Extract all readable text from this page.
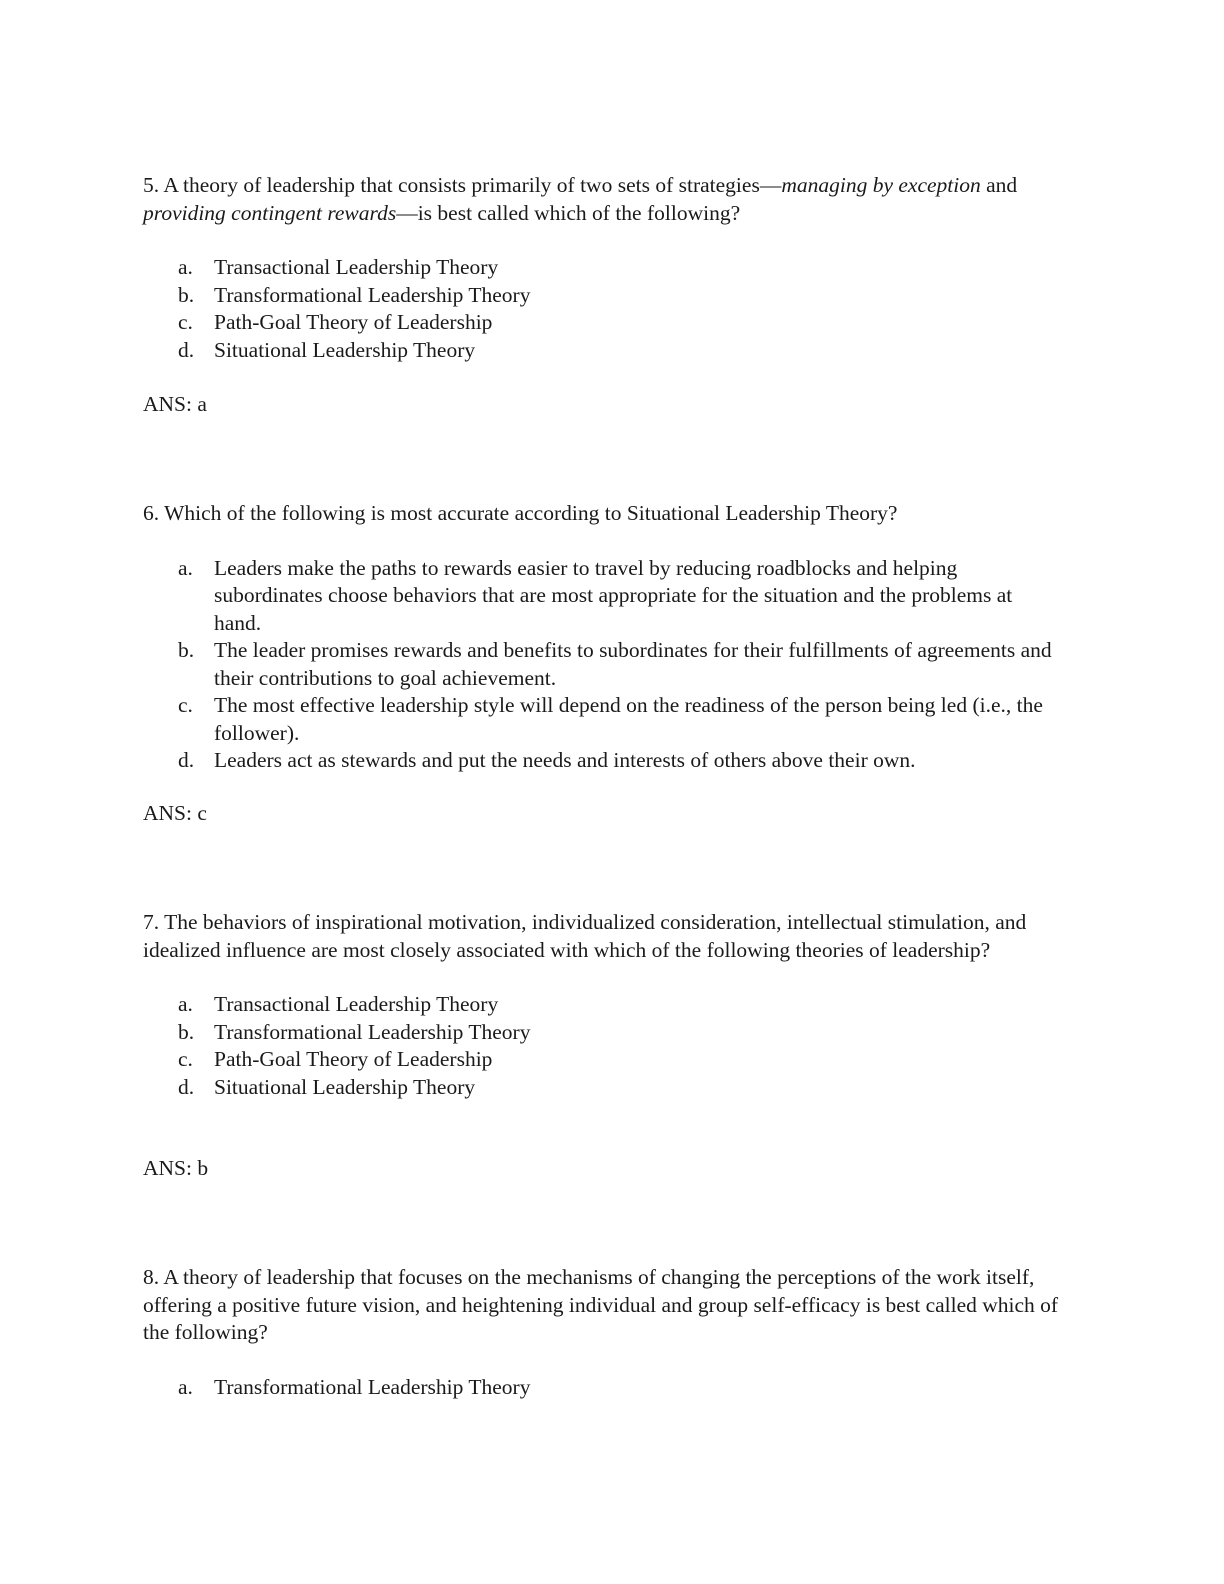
5. A theory of leadership that consists primarily of two sets of strategies—managing by exception and providing contingent rewards—is best called which of the following?

a. Transactional Leadership Theory
b. Transformational Leadership Theory
c. Path-Goal Theory of Leadership
d. Situational Leadership Theory

ANS: a

6. Which of the following is most accurate according to Situational Leadership Theory?

a. Leaders make the paths to rewards easier to travel by reducing roadblocks and helping subordinates choose behaviors that are most appropriate for the situation and the problems at hand.
b. The leader promises rewards and benefits to subordinates for their fulfillments of agreements and their contributions to goal achievement.
c. The most effective leadership style will depend on the readiness of the person being led (i.e., the follower).
d. Leaders act as stewards and put the needs and interests of others above their own.

ANS: c

7. The behaviors of inspirational motivation, individualized consideration, intellectual stimulation, and idealized influence are most closely associated with which of the following theories of leadership?

a. Transactional Leadership Theory
b. Transformational Leadership Theory
c. Path-Goal Theory of Leadership
d. Situational Leadership Theory

ANS: b

8. A theory of leadership that focuses on the mechanisms of changing the perceptions of the work itself, offering a positive future vision, and heightening individual and group self-efficacy is best called which of the following?

a. Transformational Leadership Theory
